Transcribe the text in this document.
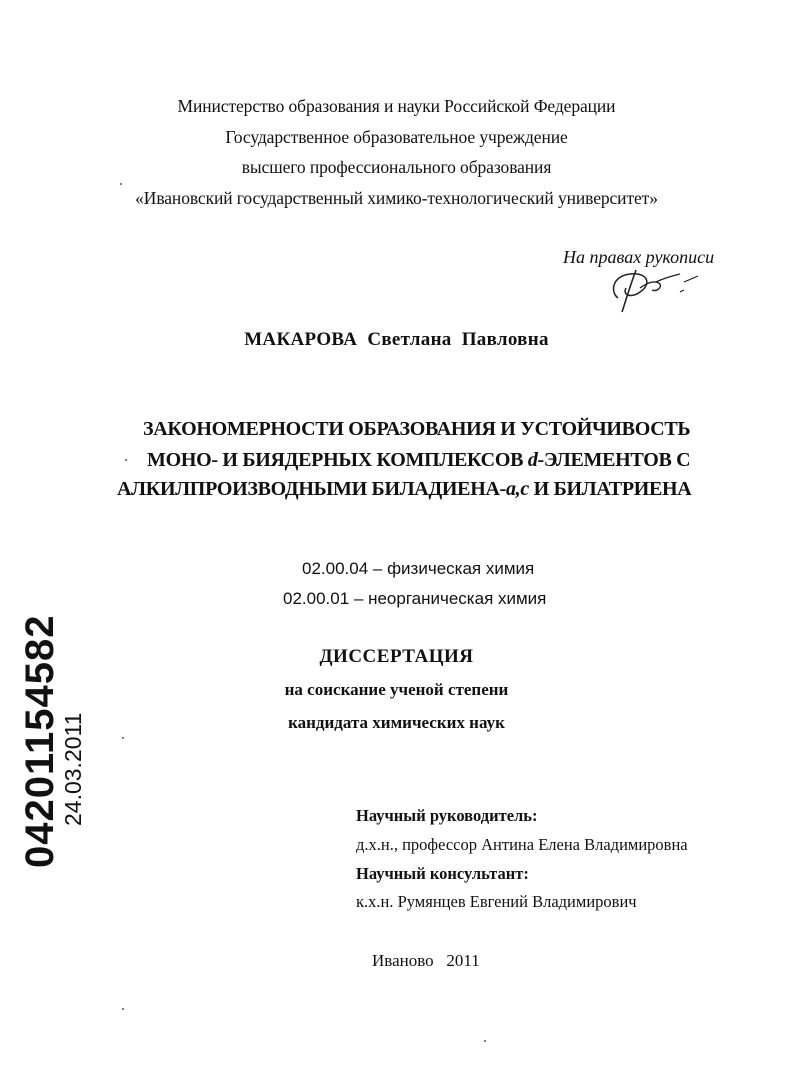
Министерство образования и науки Российской Федерации
Государственное образовательное учреждение
высшего профессионального образования
«Ивановский государственный химико-технологический университет»
На правах рукописи
МАКАРОВА Светлана  Павловна
ЗАКОНОМЕРНОСТИ ОБРАЗОВАНИЯ И УСТОЙЧИВОСТЬ
МОНО- И БИЯДЕРНЫХ КОМПЛЕКСОВ d-ЭЛЕМЕНТОВ С
АЛКИЛПРОИЗВОДНЫМИ БИЛАДИЕНА-а,с И БИЛАТРИЕНА
02.00.04 – физическая химия
02.00.01 – неорганическая химия
ДИССЕРТАЦИЯ
на соискание ученой степени
кандидата химических наук
Научный руководитель:
д.х.н., профессор Антина Елена Владимировна
Научный консультант:
к.х.н. Румянцев Евгений Владимирович
Иваново   2011
04201154582
24.03.2011
